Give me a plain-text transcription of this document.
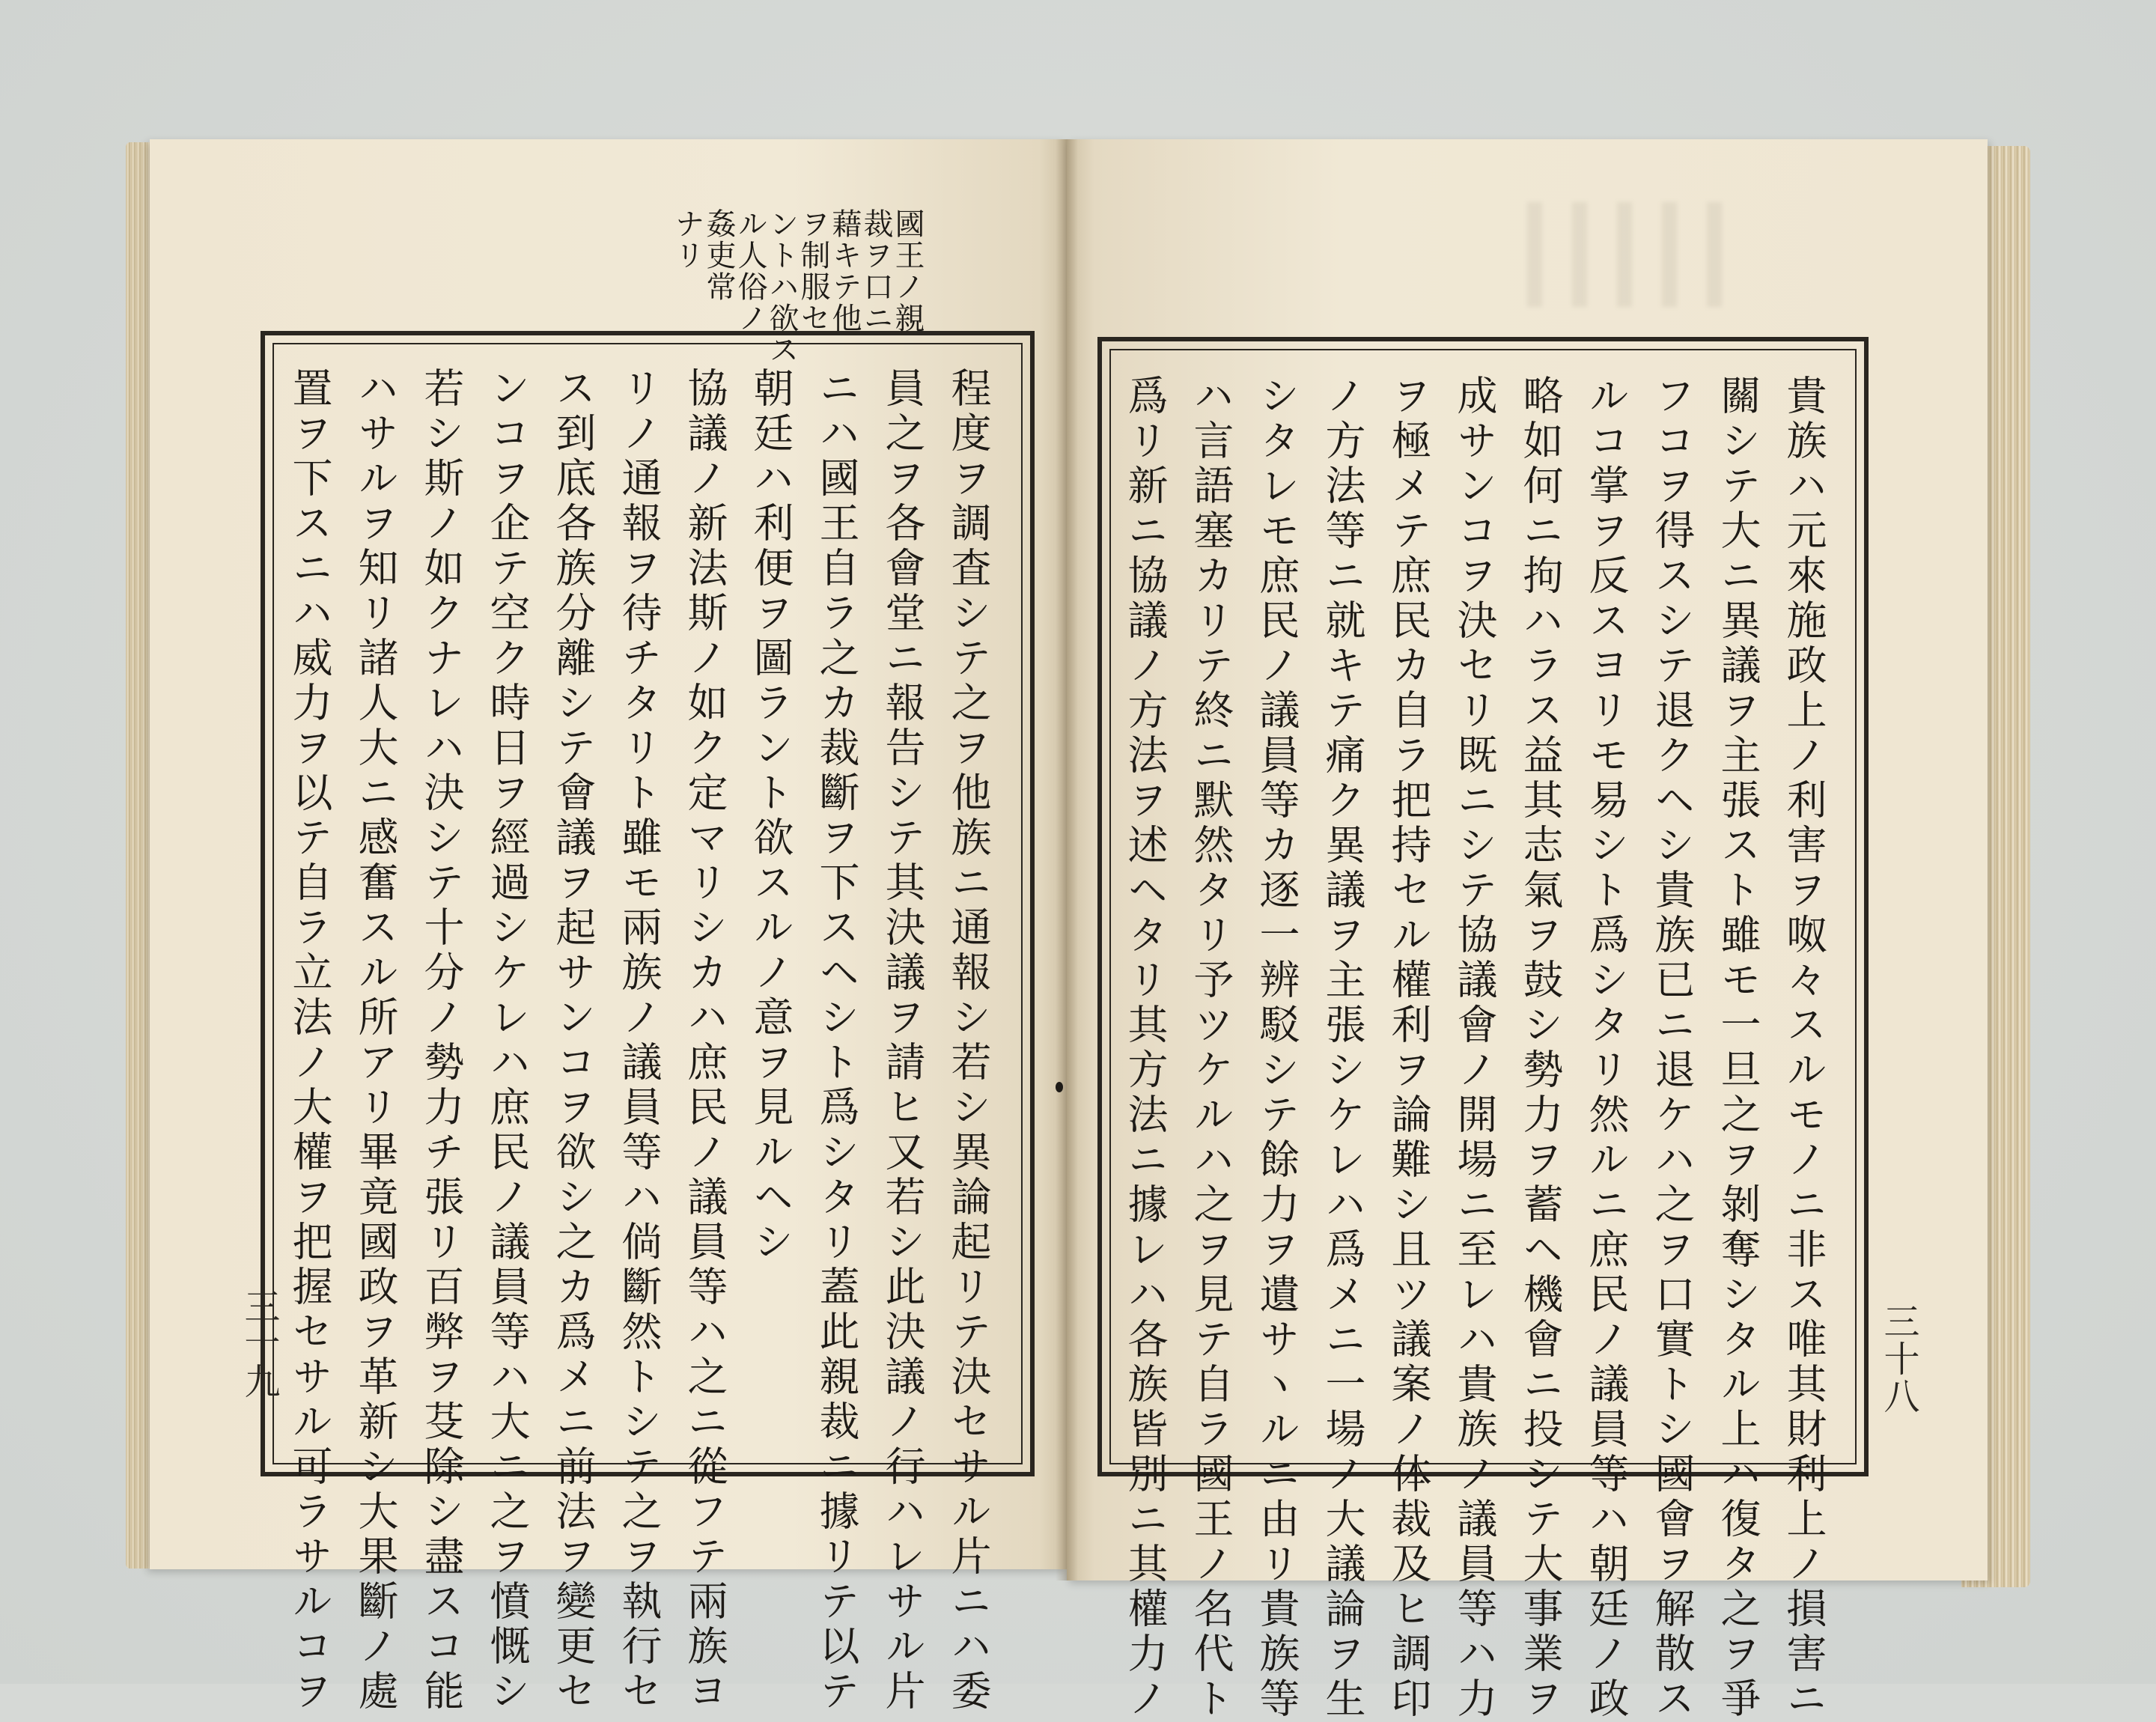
國王ノ親
裁ヲ口ニ
藉キテ他
ヲ制服セ
ントハ欲ス
ル人俗ノ
姦吏常
ナリ
程度ヲ調査シテ之ヲ他族ニ通報シ若シ異論起リテ決セサル片ニハ委
員之ヲ各會堂ニ報告シテ其決議ヲ請ヒ又若シ此決議ノ行ハレサル片
ニハ國王自ラ之カ裁斷ヲ下スヘシト爲シタリ蓋此親裁ニ據リテ以テ
朝廷ハ利便ヲ圖ラント欲スルノ意ヲ見ルヘシ
協議ノ新法斯ノ如ク定マリシカハ庶民ノ議員等ハ之ニ從フテ兩族ヨ
リノ通報ヲ待チタリト雖モ兩族ノ議員等ハ倘斷然トシテ之ヲ執行セ
ス到底各族分離シテ會議ヲ起サンコヲ欲シ之カ爲メニ前法ヲ變更セ
ンコヲ企テ空ク時日ヲ經過シケレハ庶民ノ議員等ハ大ニ之ヲ憤慨シ
若シ斯ノ如クナレハ決シテ十分ノ勢力チ張リ百弊ヲ芟除シ盡スコ能
ハサルヲ知リ諸人大ニ感奮スル所アリ畢竟國政ヲ革新シ大果斷ノ處
置ヲ下スニハ威力ヲ以テ自ラ立法ノ大權ヲ把握セサル可ラサルコヲ
三十九	貴族ハ元來施政上ノ利害ヲ呶々スルモノニ非ス唯其財利上ノ損害ニ
關シテ大ニ異議ヲ主張スト雖モ一旦之ヲ剝奪シタル上ハ復タ之ヲ爭
フコヲ得スシテ退クヘシ貴族已ニ退ケハ之ヲ口實トシ國會ヲ解散ス
ルコ掌ヲ反スヨリモ易シト爲シタリ然ルニ庶民ノ議員等ハ朝廷ノ政
略如何ニ拘ハラス益其志氣ヲ鼓シ勢力ヲ蓄ヘ機會ニ投シテ大事業ヲ
成サンコヲ決セリ既ニシテ協議會ノ開場ニ至レハ貴族ノ議員等ハ力
ヲ極メテ庶民カ自ラ把持セル權利ヲ論難シ且ツ議案ノ体裁及ヒ調印
ノ方法等ニ就キテ痛ク異議ヲ主張シケレハ爲メニ一場ノ大議論ヲ生
シタレモ庶民ノ議員等カ逐一辨駁シテ餘力ヲ遺サヽルニ由リ貴族等
ハ言語塞カリテ終ニ默然タリ予ツケルハ之ヲ見テ自ラ國王ノ名代ト
爲リ新ニ協議ノ方法ヲ述ヘタリ其方法ニ據レハ各族皆別ニ其權力ノ	三十八
